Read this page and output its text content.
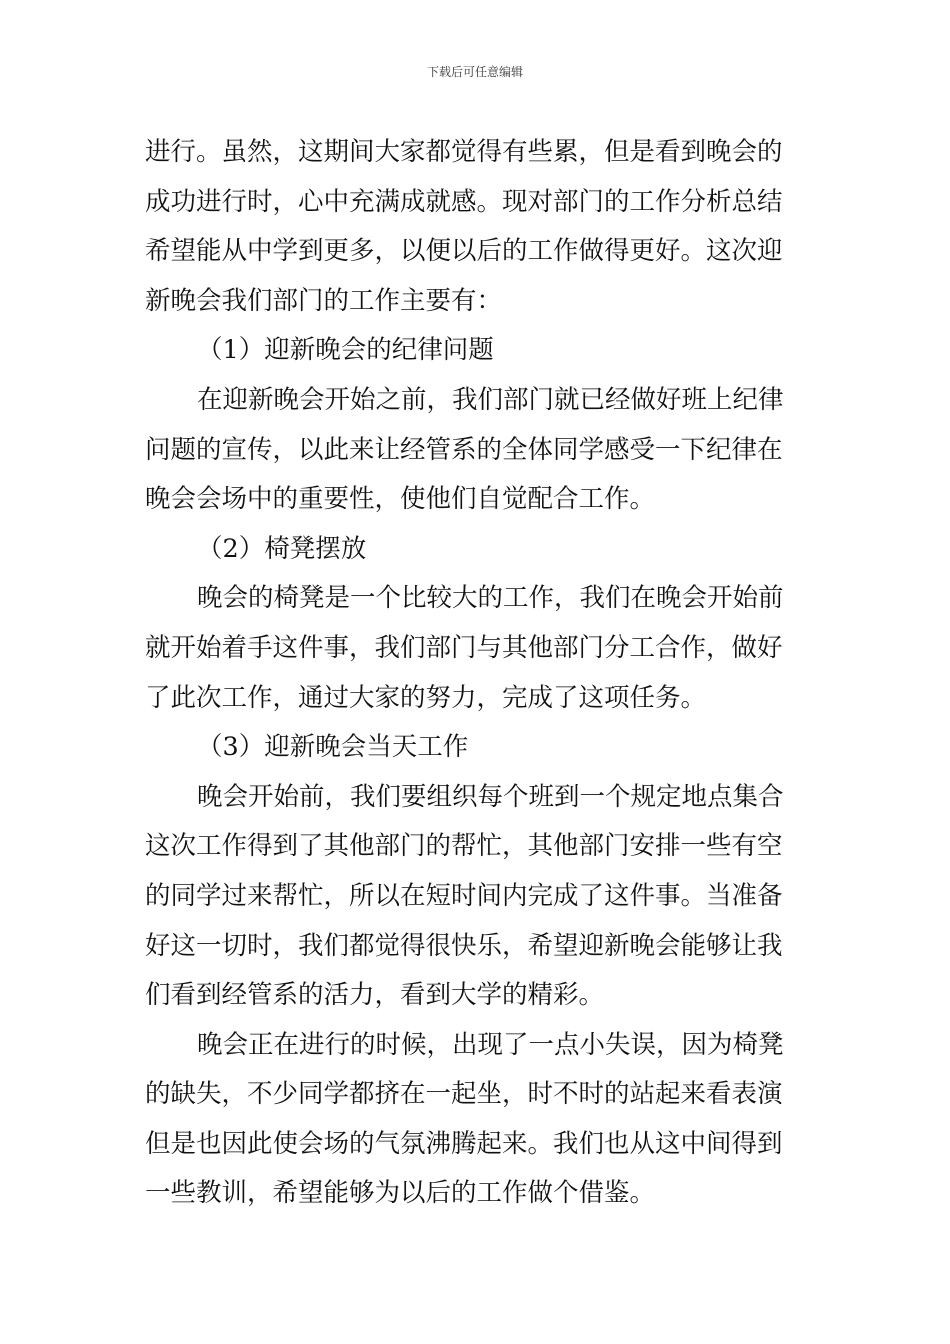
下载后可任意编辑
进行。虽然，这期间大家都觉得有些累，但是看到晚会的
成功进行时，心中充满成就感。现对部门的工作分析总结
希望能从中学到更多，以便以后的工作做得更好。这次迎
新晚会我们部门的工作主要有：
（1）迎新晚会的纪律问题
在迎新晚会开始之前，我们部门就已经做好班上纪律
问题的宣传，以此来让经管系的全体同学感受一下纪律在
晚会会场中的重要性，使他们自觉配合工作。
（2）椅凳摆放
晚会的椅凳是一个比较大的工作，我们在晚会开始前
就开始着手这件事，我们部门与其他部门分工合作，做好
了此次工作，通过大家的努力，完成了这项任务。
（3）迎新晚会当天工作
晚会开始前，我们要组织每个班到一个规定地点集合
这次工作得到了其他部门的帮忙，其他部门安排一些有空
的同学过来帮忙，所以在短时间内完成了这件事。当准备
好这一切时，我们都觉得很快乐，希望迎新晚会能够让我
们看到经管系的活力，看到大学的精彩。
晚会正在进行的时候，出现了一点小失误，因为椅凳
的缺失，不少同学都挤在一起坐，时不时的站起来看表演
但是也因此使会场的气氛沸腾起来。我们也从这中间得到
一些教训，希望能够为以后的工作做个借鉴。
